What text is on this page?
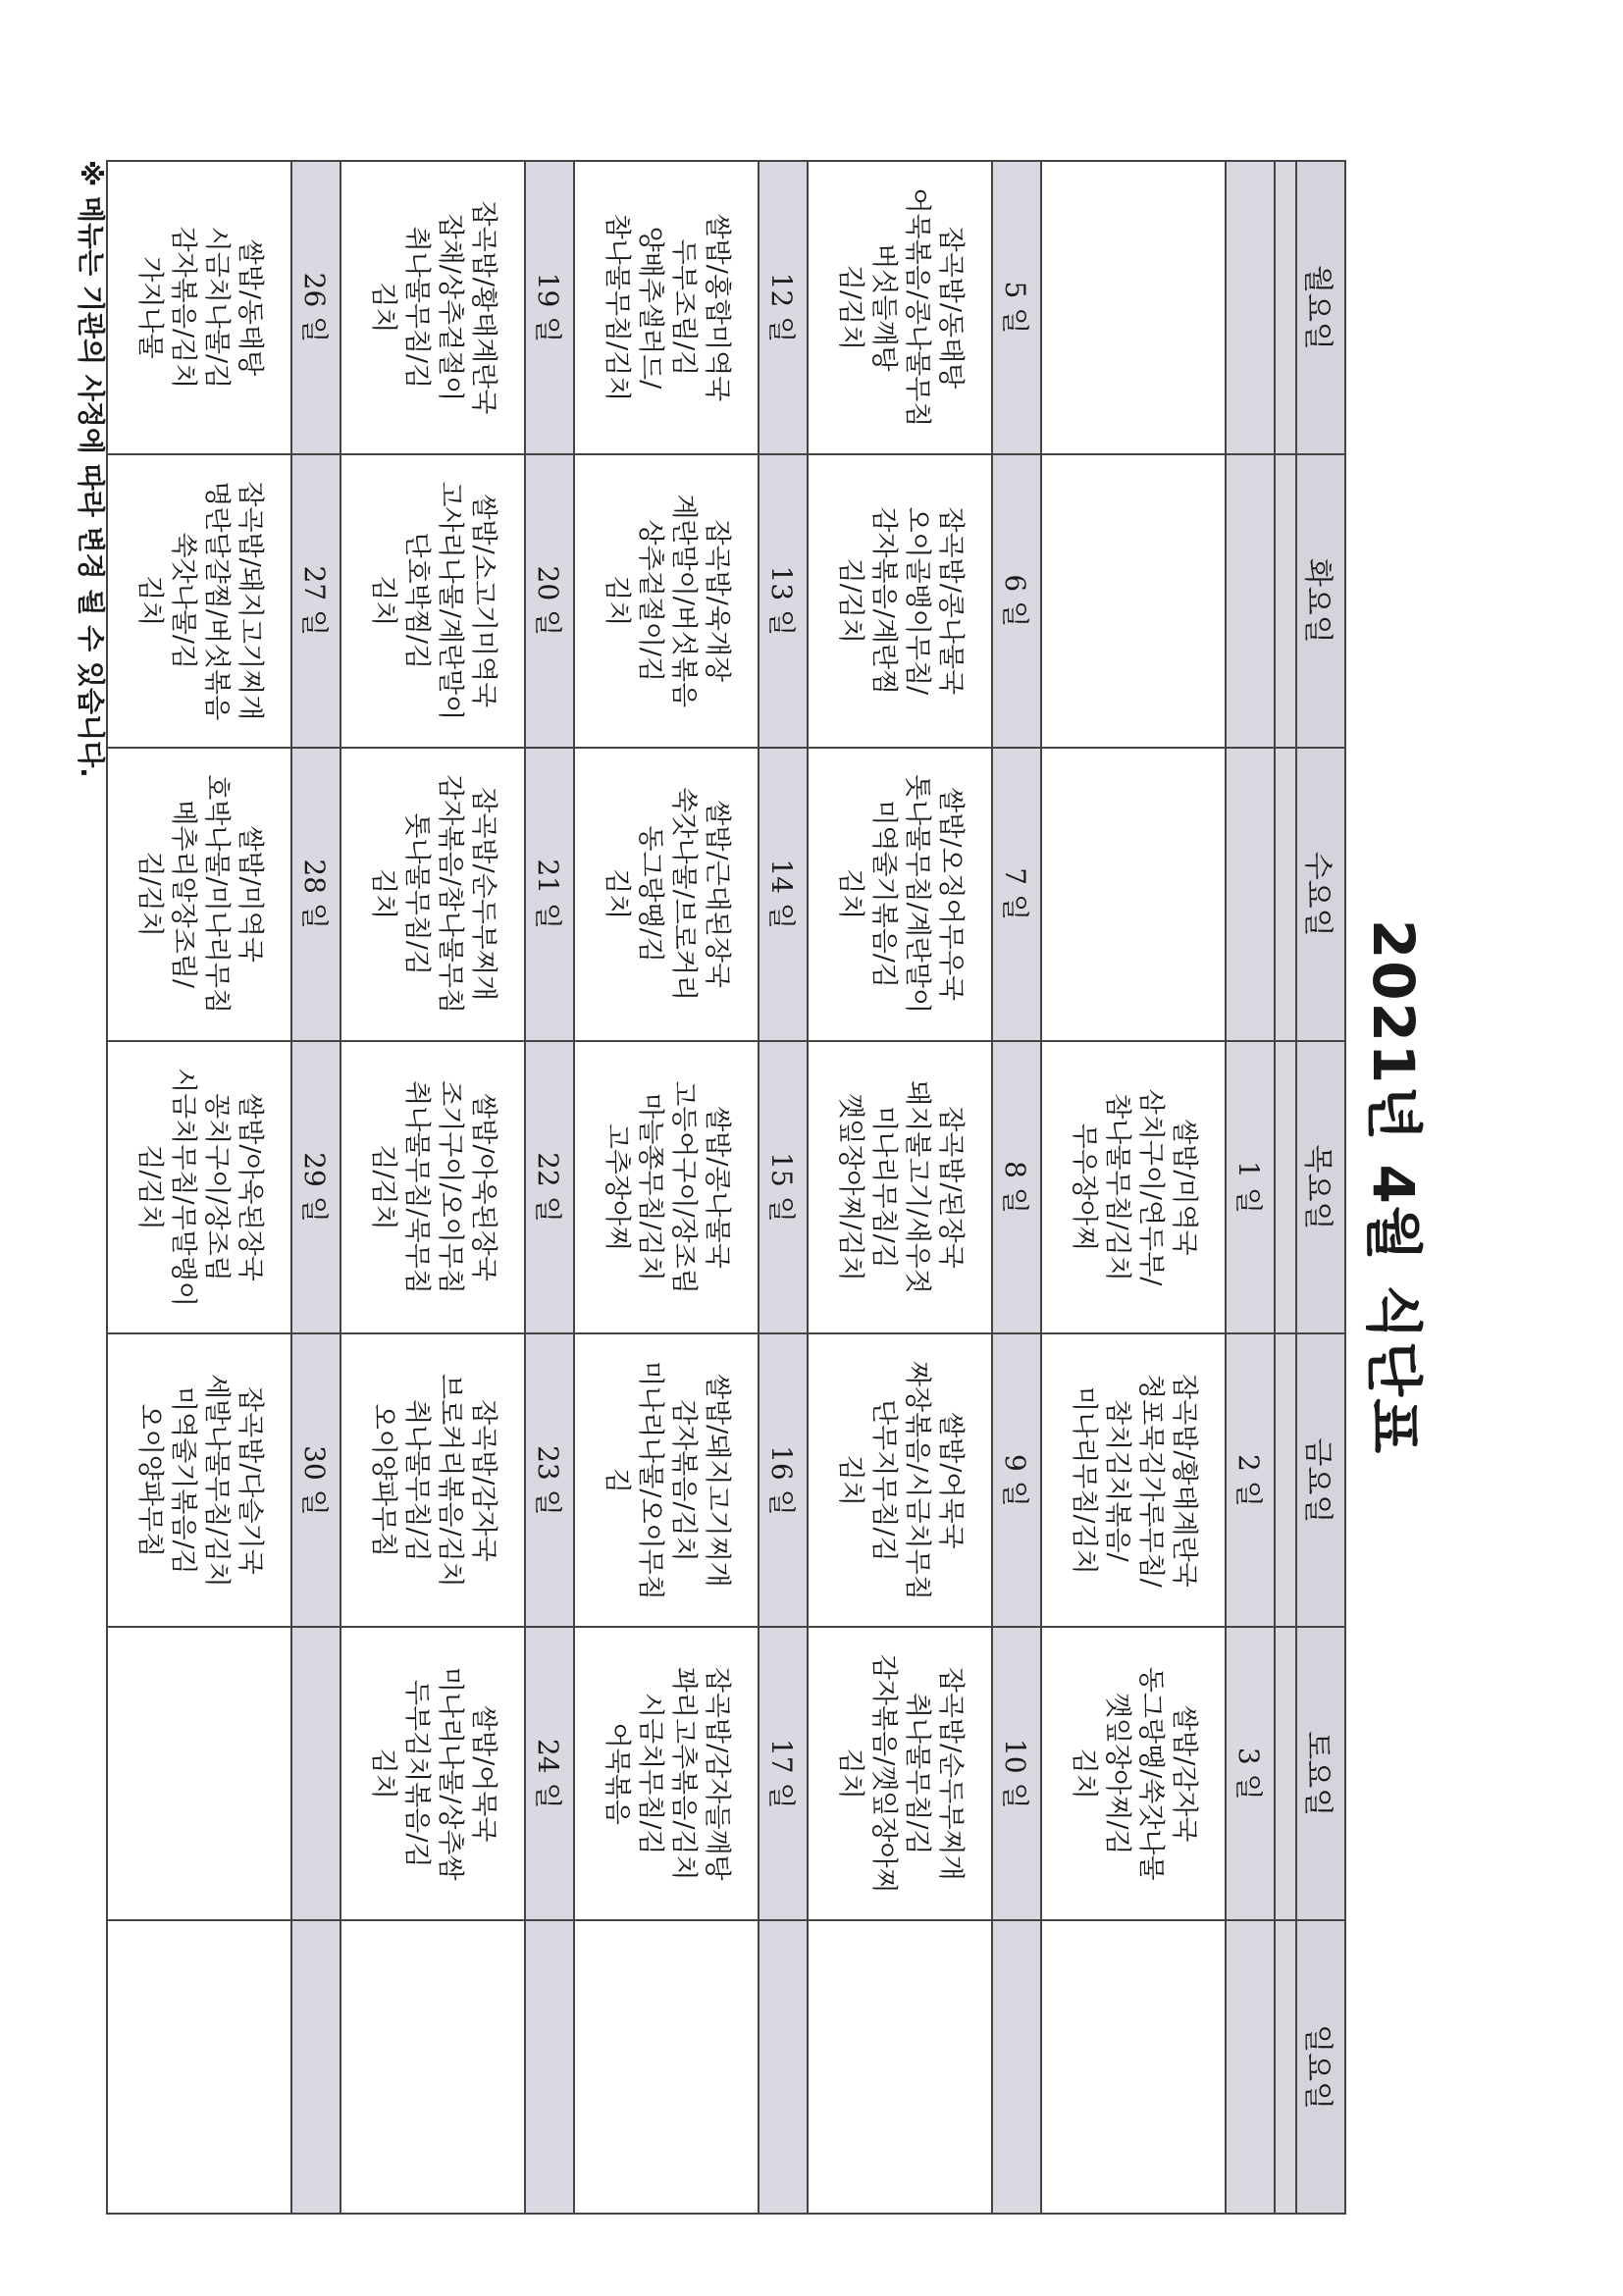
2021년 4월 식단표
월요일	화요일	수요일	목요일	금요일	토요일	일요일

			1 일	2 일	3 일	

			쌀밥/미역국
삼치구이/연두부/
참나물무침/김치
무우장아찌	잡곡밥/황태계란국
청포묵김가루무침/
참치김치볶음/
미나리무침/김치	쌀밥/감자국
동그랑땡/쑥갓나물
깻잎장아찌/김
김치	

5 일	6 일	7 일	8 일	9 일	10 일	

잡곡밥/동태탕
어묵볶음/콩나물무침
버섯들깨탕
김/김치	잡곡밥/콩나물국
오이골뱅이무침/
감자볶음/계란찜
김/김치	쌀밥/오징어무우국
톳나물무침/계란말이
미역줄기볶음/김
김치	잡곡밥/된장국
돼지불고기/새우젓
미나리무침/김
깻잎장아찌/김치	쌀밥/어묵국
짜장볶음/시금치무침
단무지무침/김
김치	잡곡밥/순두부찌개
취나물무침/김
감자볶음/깻잎장아찌
김치	

12 일	13 일	14 일	15 일	16 일	17 일	

쌀밥/홍합미역국
두부조림/김
양배추샐러드/
참나물무침/김치	잡곡밥/육개장
계란말이/버섯볶음
상추겉절이/김
김치	쌀밥/근대된장국
쑥갓나물/브로커리
동그랑땡/김
김치	쌀밥/콩나물국
고등어구이/장조림
마늘쫑무침/김치
고추장아찌	쌀밥/돼지고기찌개
감자볶음/김치
미나리나물/오이무침
김	잡곡밥/감자들깨탕
꽈리고추볶음/김치
시금치무침/김
어묵볶음	

19 일	20 일	21 일	22 일	23 일	24 일	

잡곡밥/황태계란국
잡채/상추겉절이
취나물무침/김
김치	쌀밥/소고기미역국
고사리나물/계란말이
단호박찜/김
김치	잡곡밥/순두부찌개
감자볶음/참나물무침
톳나물무침/김
김치	쌀밥/아욱된장국
조기구이/오이무침
취나물무침/묵무침
김/김치	잡곡밥/감자국
브로커리볶음/김치
취나물무침/김
오이양파무침	쌀밥/어묵국
미나리나물/상추쌈
두부김치볶음/김
김치	

26 일	27 일	28 일	29 일	30 일		

쌀밥/동태탕
시금치나물/김
감자볶음/김치
가지나물	잡곡밥/돼지고기찌개
명란달걀찜/버섯볶음
쑥갓나물/김
김치	쌀밥/미역국
호박나물/미나리무침
메추리알장조림/
김/김치	쌀밥/아욱된장국
꽁치구이/장조림
시금치무침/무말랭이
김/김치	잡곡밥/다슬기국
세발나물무침/김치
미역줄기볶음/김
오이양파무침		

※ 메뉴는 기관의 사정에 따라 변경 될 수 있습니다.
